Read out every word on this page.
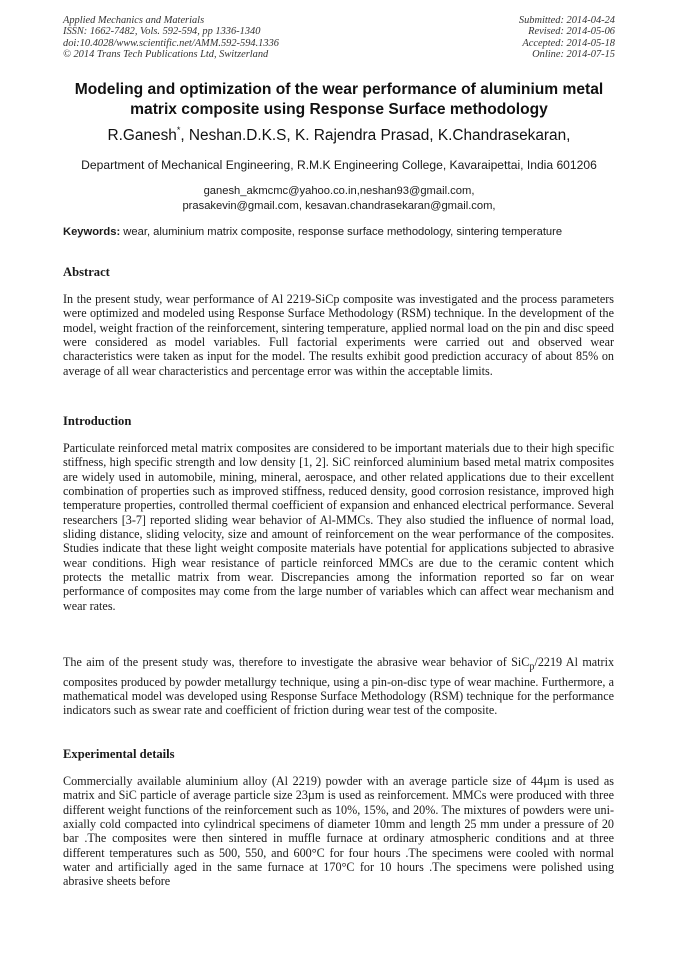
Applied Mechanics and Materials
ISSN: 1662-7482, Vols. 592-594, pp 1336-1340
doi:10.4028/www.scientific.net/AMM.592-594.1336
© 2014 Trans Tech Publications Ltd, Switzerland
Submitted: 2014-04-24
Revised: 2014-05-06
Accepted: 2014-05-18
Online: 2014-07-15
Modeling and optimization of the wear performance of aluminium metal
matrix composite using Response Surface methodology
R.Ganesh*, Neshan.D.K.S, K. Rajendra Prasad, K.Chandrasekaran,
Department of Mechanical Engineering, R.M.K Engineering College, Kavaraipettai, India 601206
ganesh_akmcmc@yahoo.co.in,neshan93@gmail.com,
prasakevin@gmail.com, kesavan.chandrasekaran@gmail.com,
Keywords: wear, aluminium matrix composite, response surface methodology, sintering temperature
Abstract
In the present study, wear performance of Al 2219-SiCp composite was investigated and the process parameters were optimized and modeled using Response Surface Methodology (RSM) technique. In the development of the model, weight fraction of the reinforcement, sintering temperature, applied normal load on the pin and disc speed were considered as model variables. Full factorial experiments were carried out and observed wear characteristics were taken as input for the model. The results exhibit good prediction accuracy of about 85% on average of all wear characteristics and percentage error was within the acceptable limits.
Introduction
Particulate reinforced metal matrix composites are considered to be important materials due to their high specific stiffness, high specific strength and low density [1, 2]. SiC reinforced aluminium based metal matrix composites are widely used in automobile, mining, mineral, aerospace, and other related applications due to their excellent combination of properties such as improved stiffness, reduced density, good corrosion resistance, improved high temperature properties, controlled thermal coefficient of expansion and enhanced electrical performance. Several researchers [3-7] reported sliding wear behavior of Al-MMCs. They also studied the influence of normal load, sliding distance, sliding velocity, size and amount of reinforcement on the wear performance of the composites. Studies indicate that these light weight composite materials have potential for applications subjected to abrasive wear conditions. High wear resistance of particle reinforced MMCs are due to the ceramic content which protects the metallic matrix from wear. Discrepancies among the information reported so far on wear performance of composites may come from the large number of variables which can affect wear mechanism and wear rates.
The aim of the present study was, therefore to investigate the abrasive wear behavior of SiC$_p$/2219 Al matrix composites produced by powder metallurgy technique, using a pin-on-disc type of wear machine. Furthermore, a mathematical model was developed using Response Surface Methodology (RSM) technique for the performance indicators such as swear rate and coefficient of friction during wear test of the composite.
Experimental details
Commercially available aluminium alloy (Al 2219) powder with an average particle size of 44µm is used as matrix and SiC particle of average particle size 23µm is used as reinforcement. MMCs were produced with three different weight functions of the reinforcement such as 10%, 15%, and 20%. The mixtures of powders were uni-axially cold compacted into cylindrical specimens of diameter 10mm and length 25 mm under a pressure of 20 bar .The composites were then sintered in muffle furnace at ordinary atmospheric conditions and at three different temperatures such as 500, 550, and 600°C for four hours .The specimens were cooled with normal water and artificially aged in the same furnace at 170°C for 10 hours .The specimens were polished using abrasive sheets before
